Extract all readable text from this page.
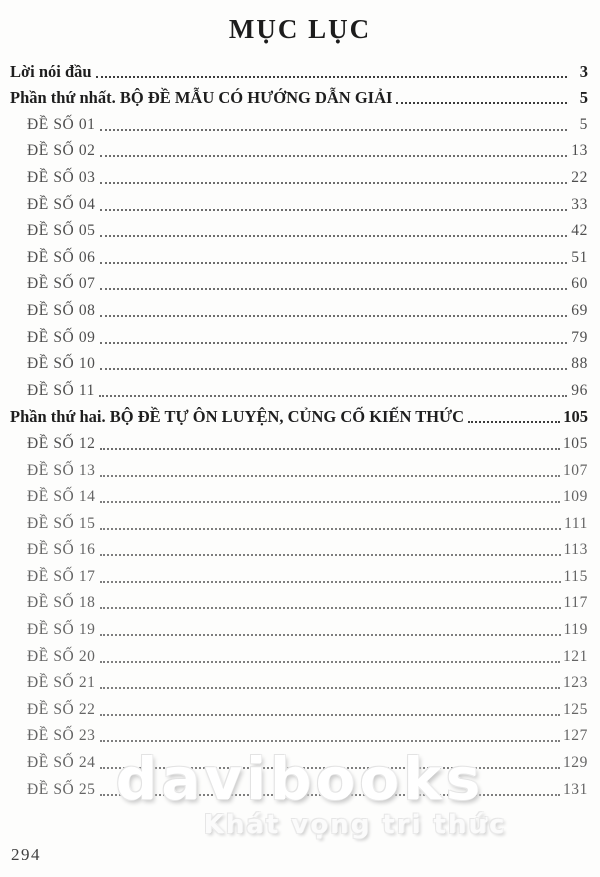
MỤC LỤC
Lời nói đầu	3
Phần thứ nhất. BỘ ĐỀ MẪU CÓ HƯỚNG DẪN GIẢI	5
ĐỀ SỐ 01	5
ĐỀ SỐ 02	13
ĐỀ SỐ 03	22
ĐỀ SỐ 04	33
ĐỀ SỐ 05	42
ĐỀ SỐ 06	51
ĐỀ SỐ 07	60
ĐỀ SỐ 08	69
ĐỀ SỐ 09	79
ĐỀ SỐ 10	88
ĐỀ SỐ 11	96
Phần thứ hai. BỘ ĐỀ TỰ ÔN LUYỆN, CỦNG CỐ KIẾN THỨC	105
ĐỀ SỐ 12	105
ĐỀ SỐ 13	107
ĐỀ SỐ 14	109
ĐỀ SỐ 15	111
ĐỀ SỐ 16	113
ĐỀ SỐ 17	115
ĐỀ SỐ 18	117
ĐỀ SỐ 19	119
ĐỀ SỐ 20	121
ĐỀ SỐ 21	123
ĐỀ SỐ 22	125
ĐỀ SỐ 23	127
ĐỀ SỐ 24	129
ĐỀ SỐ 25	131
davibooks
Khát vọng tri thức
294
